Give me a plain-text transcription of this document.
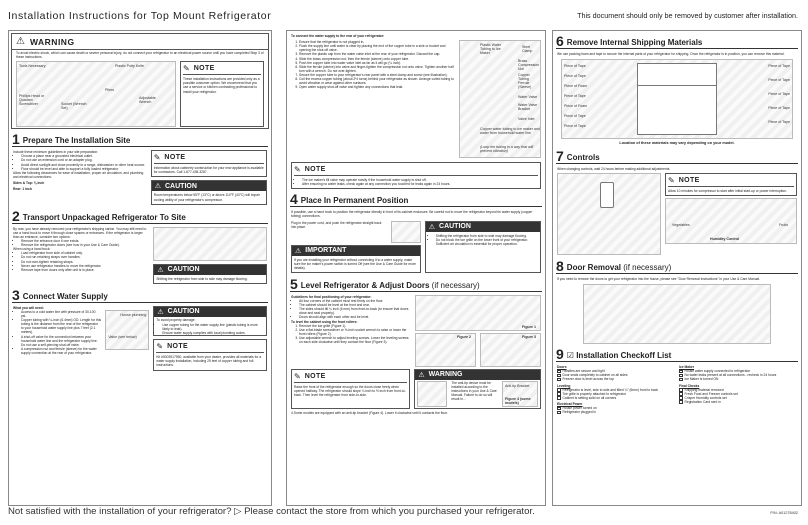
Installation Instructions for Top Mount Refrigerator	This document should only be removed by customer after installation.
⚠ WARNING
To avoid electric shock, which can cause death or severe personal injury, do not connect your refrigerator to an electrical power source until you have completed Step 3 of these instructions.
Tools Necessary:
Phillips Head or Quadrex Screwdriver	Socket (Wrench Set)
Plastic Putty Knife
Pliers
Adjustable Wrench
✎ NOTE
These installation instructions are provided only as a possible customer option. We recommend that you use a service or kitchen contracting professional to install your refrigerator.
1 Prepare The Installation Site
Include these minimum guidelines in your site preparation:
• Choose a place near a grounded electrical outlet.
• Do not use an extension cord or an adapter plug.
• Avoid direct sunlight and close proximity to a range, dishwasher or other heat source.
• Floor should be level and able to support a fully loaded refrigerator.
Allow the following clearances for ease of installation, proper air circulation, and plumbing and electrical connections:
Sides & Top: ⅜ inch
Rear: 1 inch
✎ NOTE
Information about cabinetry construction for your new appliance is available for contractors. Call 1-877-435-3287.
⚠ CAUTION
Room temperatures below 55°F (13°C) or above 110°F (43°C) will impair cooling ability of your refrigerator's compressor.
2 Transport Unpackaged Refrigerator To Site
By now, you have already removed your refrigerator's shipping carton. You may still need to use a hand truck to move it through close spaces or entrances. If the refrigerator is larger than an entrance, consider two options:
• Remove the entrance door if one exists.
• Remove the refrigerator doors (see how in your Use & Care Guide).
When using a hand truck:
• Load refrigerator from side of cabinet only.
• Do not run retaining straps over handles.
• Do not over-tighten retaining straps.
• Never use refrigerator handles to move the refrigerator.
• Remove tape from doors only after unit is in place.	⚠ CAUTION
Shifting the refrigerator from side to side may damage flooring.
3 Connect Water Supply
What you will need:
• Access to a cold water line with pressure of 30-100 psi.
• Copper tubing with ¼-inch (6.4mm) OD. Length for this tubing is the distance from the rear of the refrigerator to your household water supply line plus 7 feet (2.1 meters).
• A shut-off valve for the connection between your household water line and the refrigerator supply line. Do not use a self-piercing shut-off valve.
• A compression nut and ferrule (sleeve) for the water supply connection at the rear of your refrigerator.
House plumbing
Valve (see below)
⚠ CAUTION
To avoid property damage:
• Use copper tubing for the water supply line (plastic tubing is more likely to leak).
• Ensure water supply complies with local plumbing codes.
✎ NOTE
Kit #5303917950, available from your dealer, provides all materials for a water supply installation, including 25 feet of copper tubing and full instructions.
To connect the water supply to the rear of your refrigerator:
1. Ensure that the refrigerator is not plugged in.
2. Flush the supply line until water is clear by placing the end of the copper tube in a sink or bucket and opening the shut-off valve.
3. Remove the plastic cap from the water valve inlet at the rear of your refrigerator. Discard the cap.
4. Slide the brass compression nut, then the ferrule (sleeve) onto copper tube.
5. Push the copper tube into water valve inlet as far as it will go (¼ inch).
6. Slide the ferrule (sleeve) into valve and finger-tighten the compression nut onto valve. Tighten another half turn with a wrench. Do not over-tighten.
7. Secure the copper tube to your refrigerator's rear panel with a steel clamp and screw (see illustration).
8. Coil the excess copper tubing (about 2½ turns) behind your refrigerator as shown. Arrange coiled tubing to avoid vibration or wear against other surfaces.
9. Open water supply shut-off valve and tighten any connections that leak.
Plastic Water Tubing to Ice Maker
Steel Clamp
Brass Compression Nut
Copper Tubing
Ferrule (Sleeve)
Water Valve
Water Valve Bracket
Valve Inlet
Copper water tubing to ice maker and water from household water line
(Loop the tubing in a way that will prevent vibration)
✎ NOTE
• The ice maker's fill valve may operate noisily if the household water supply is shut off.
• After ensuring no water leaks, check again at any connection you touched for leaks again in 24 hours.
4 Place In Permanent Position
If possible, use a hand truck to position the refrigerator directly in front of its cabinet enclosure. Be careful not to move the refrigerator beyond its water supply (copper tubing) connections.
Plug in the power cord, and push the refrigerator straight back into place.
⚠ IMPORTANT
If you are installing your refrigerator without connecting it to a water supply, make sure the ice maker's power switch is turned Off (see the Use & Care Guide for more details).
⚠ CAUTION
• Shifting the refrigerator from side to side may damage flooring.
• Do not block the toe grille on the lower front of your refrigerator. Sufficient air circulation is essential for proper operation.
5 Level Refrigerator & Adjust Doors (if necessary)
Guidelines for final positioning of your refrigerator:
• All four corners of the cabinet must rest firmly on the floor.
• The cabinet should be level at the front and rear.
• The sides should tilt ¼ inch (6 mm) from front-to-back (to ensure that doors close and seal properly).
• Doors should align with each other and be level.
To level the cabinet using the front rollers:
1. Remove the toe grille (Figure 1).
2. Use a flat-blade screwdriver or ⅜-inch socket wrench to raise or lower the front rollers (Figure 2).
3. Use adjustable wrench to adjust leveling screws. Lower the leveling screws on each side clockwise until they contact the floor (Figure 3).
Figure 1
Figure 2	Figure 3
✎ NOTE
Raise the front of the refrigerator enough so the doors close freely when opened halfway. The refrigerator should slope ¼ inch to ½ inch from front-to-back. Then level the refrigerator from side-to-side.
⚠ WARNING
The anti-tip device must be installed according to the instructions in your Use & Care Manual. Failure to do so will result in...
Anti-tip Bracket
Figure 4 (some models)
4.Some models are equipped with an anti-tip bracket (Figure 4). Lower it clockwise until it contacts the floor.
6 Remove Internal Shipping Materials
We use packing foam and tape to secure the internal parts of your refrigerator for shipping. Once the refrigerator is in position, you can remove this material.
Piece of Tape
Piece of Tape
Piece of Foam
Piece of Tape
Piece of Foam
Piece of Tape
Piece of Tape
Piece of Tape
Piece of Tape
Piece of Tape
Piece of Tape
Piece of Tape
Location of these materials may vary depending on your model.
7 Controls
When changing controls, wait 24 hours before making additional adjustments.
✎ NOTE
Allow 10 minutes for compressor to start after initial start-up or power interruption.
Vegetables	Fruits
Humidity Control
8 Door Removal (if necessary)
If you need to remove the doors to get your refrigerator into the house, please see "Door Removal Instructions" in your Use & Care Manual.
9 ☑ Installation Checkoff List
Doors
Handles are secure and tight
Door seals completely to cabinet on all sides
Freezer door is level across the top
Leveling
Refrigerator is level, side to side and tilted ¼" (6mm) front to back
Toe grille is properly attached to refrigerator
Cabinet is setting solid on all corners
Electrical Power
House power turned on
Refrigerator plugged in
Ice Maker
House water supply connected to refrigerator
No water leaks present at all connections - recheck in 24 hours
Ice Maker is turned ON
Final Checks
Shipping material removed
Fresh Food and Freezer controls set
Crisper Humidity controls set
Registration Card sent in
Not satisfied with the installation of your refrigerator? ▷ Please contact the store from which you purchased your refrigerator.	P/N: A01278402
